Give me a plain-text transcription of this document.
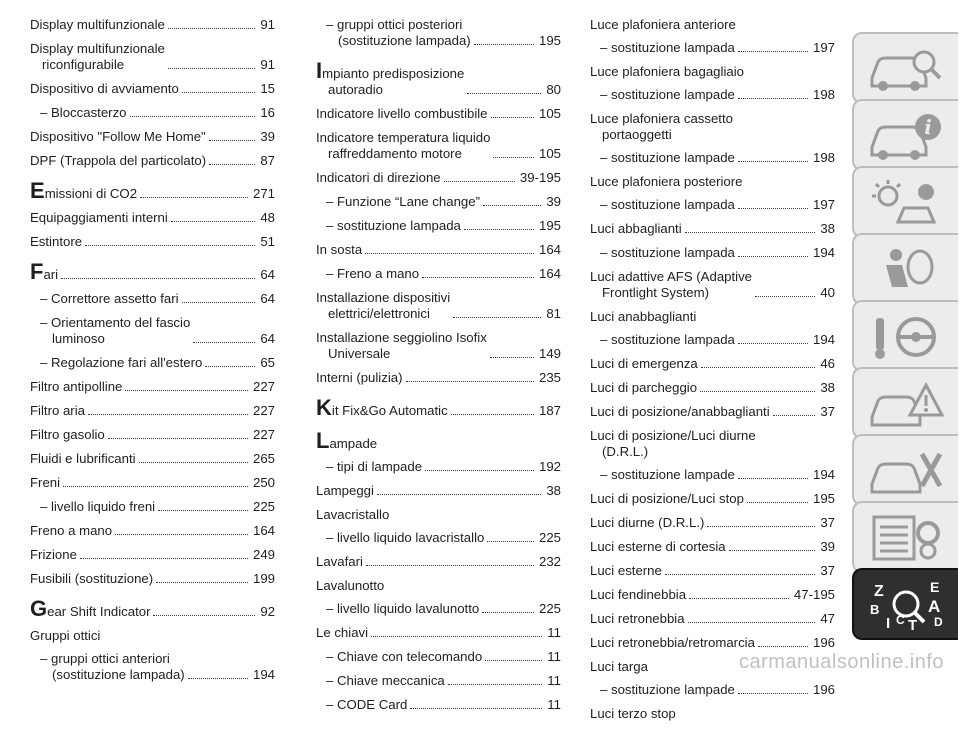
Display multifunzionale	91
Display multifunzionale
riconfigurabile	91
Dispositivo di avviamento	15
– Bloccasterzo	16
Dispositivo "Follow Me Home"	39
DPF (Trappola del particolato)	87
Emissioni di CO2	271
Equipaggiamenti interni	48
Estintore	51
Fari	64
– Correttore assetto fari	64
– Orientamento del fascio
luminoso	64
– Regolazione fari all'estero	65
Filtro antipolline	227
Filtro aria	227
Filtro gasolio	227
Fluidi e lubrificanti	265
Freni	250
– livello liquido freni	225
Freno a mano	164
Frizione	249
Fusibili (sostituzione)	199
Gear Shift Indicator	92
Gruppi ottici
– gruppi ottici anteriori
(sostituzione lampada)	194
– gruppi ottici posteriori
(sostituzione lampada)	195
Impianto predisposizione
autoradio	80
Indicatore livello combustibile	105
Indicatore temperatura liquido
raffreddamento motore	105
Indicatori di direzione	39-195
– Funzione “Lane change”	39
– sostituzione lampada	195
In sosta	164
– Freno a mano	164
Installazione dispositivi
elettrici/elettronici	81
Installazione seggiolino Isofix
Universale	149
Interni (pulizia)	235
Kit Fix&Go Automatic	187
Lampade
– tipi di lampade	192
Lampeggi	38
Lavacristallo
– livello liquido lavacristallo	225
Lavafari	232
Lavalunotto
– livello liquido lavalunotto	225
Le chiavi	11
– Chiave con telecomando	11
– Chiave meccanica	11
– CODE Card	11
Luce plafoniera anteriore
– sostituzione lampada	197
Luce plafoniera bagagliaio
– sostituzione lampade	198
Luce plafoniera cassetto
portaoggetti
– sostituzione lampade	198
Luce plafoniera posteriore
– sostituzione lampada	197
Luci abbaglianti	38
– sostituzione lampada	194
Luci adattive AFS (Adaptive
Frontlight System)	40
Luci anabbaglianti
– sostituzione lampada	194
Luci di emergenza	46
Luci di parcheggio	38
Luci di posizione/anabbaglianti	37
Luci di posizione/Luci diurne
(D.R.L.)
– sostituzione lampade	194
Luci di posizione/Luci stop	195
Luci diurne (D.R.L.)	37
Luci esterne di cortesia	39
Luci esterne	37
Luci fendinebbia	47-195
Luci retronebbia	47
Luci retronebbia/retromarcia	196
Luci targa
– sostituzione lampade	196
Luci terzo stop
i
Z	E
B	A
I C T D
carmanualsonline.info
